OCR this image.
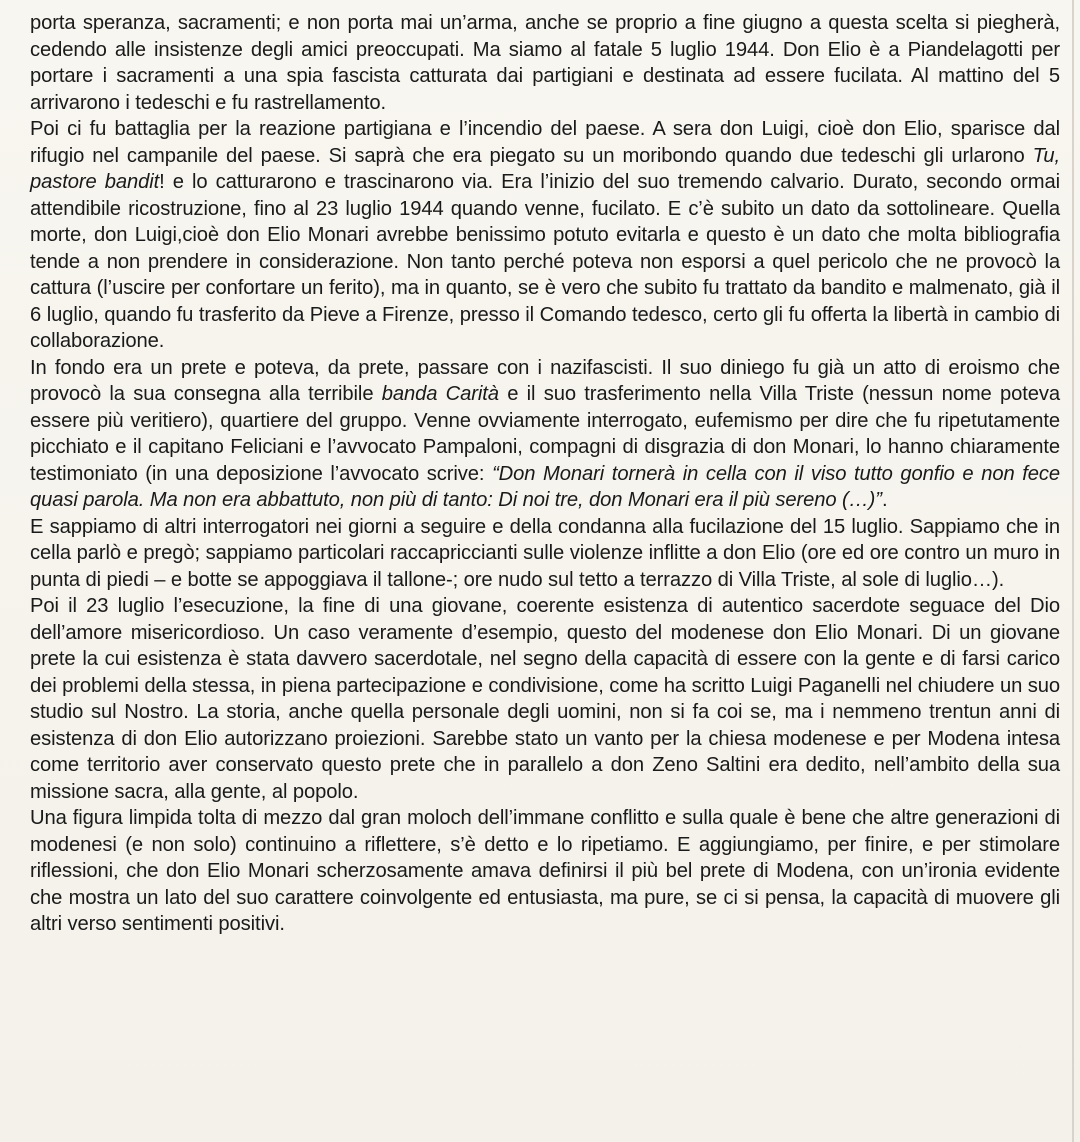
porta speranza, sacramenti; e non porta mai un’arma, anche se proprio a fine giugno a questa scelta si piegherà, cedendo alle insistenze degli amici preoccupati. Ma siamo al fatale 5 luglio 1944. Don Elio è a Piandelagotti per portare i sacramenti a una spia fascista catturata dai partigiani e destinata ad essere fucilata. Al mattino del 5 arrivarono i tedeschi e fu rastrellamento.

Poi ci fu battaglia per la reazione partigiana e l’incendio del paese. A sera don Luigi, cioè don Elio, sparisce dal rifugio nel campanile del paese. Si saprà che era piegato su un moribondo quando due tedeschi gli urlarono Tu, pastore bandit! e lo catturarono e trascinarono via. Era l’inizio del suo tremendo calvario. Durato, secondo ormai attendibile ricostruzione, fino al 23 luglio 1944 quando venne, fucilato. E c’è subito un dato da sottolineare. Quella morte, don Luigi,cioè don Elio Monari avrebbe benissimo potuto evitarla e questo è un dato che molta bibliografia tende a non prendere in considerazione. Non tanto perché poteva non esporsi a quel pericolo che ne provocò la cattura (l’uscire per confortare un ferito), ma in quanto, se è vero che subito fu trattato da bandito e malmenato, già il 6 luglio, quando fu trasferito da Pieve a Firenze, presso il Comando tedesco, certo gli fu offerta la libertà in cambio di collaborazione.

In fondo era un prete e poteva, da prete, passare con i nazifascisti. Il suo diniego fu già un atto di eroismo che provocò la sua consegna alla terribile banda Carità e il suo trasferimento nella Villa Triste (nessun nome poteva essere più veritiero), quartiere del gruppo. Venne ovviamente interrogato, eufemismo per dire che fu ripetutamente picchiato e il capitano Feliciani e l’avvocato Pampaloni, compagni di disgrazia di don Monari, lo hanno chiaramente testimoniato (in una deposizione l’avvocato scrive: “Don Monari tornerà in cella con il viso tutto gonfio e non fece quasi parola. Ma non era abbattuto, non più di tanto: Di noi tre, don Monari era il più sereno (…)”.

E sappiamo di altri interrogatori nei giorni a seguire e della condanna alla fucilazione del 15 luglio. Sappiamo che in cella parlò e pregò; sappiamo particolari raccapriccianti sulle violenze inflitte a don Elio (ore ed ore contro un muro in punta di piedi – e botte se appoggiava il tallone-; ore nudo sul tetto a terrazzo di Villa Triste, al sole di luglio…).

Poi il 23 luglio l’esecuzione, la fine di una giovane, coerente esistenza di autentico sacerdote seguace del Dio dell’amore misericordioso. Un caso veramente d’esempio, questo del modenese don Elio Monari. Di un giovane prete la cui esistenza è stata davvero sacerdotale, nel segno della capacità di essere con la gente e di farsi carico dei problemi della stessa, in piena partecipazione e condivisione, come ha scritto Luigi Paganelli nel chiudere un suo studio sul Nostro. La storia, anche quella personale degli uomini, non si fa coi se, ma i nemmeno trentun anni di esistenza di don Elio autorizzano proiezioni. Sarebbe stato un vanto per la chiesa modenese e per Modena intesa come territorio aver conservato questo prete che in parallelo a don Zeno Saltini era dedito, nell’ambito della sua missione sacra, alla gente, al popolo.

Una figura limpida tolta di mezzo dal gran moloch dell’immane conflitto e sulla quale è bene che altre generazioni di modenesi (e non solo) continuino a riflettere, s’è detto e lo ripetiamo. E aggiungiamo, per finire, e per stimolare riflessioni, che don Elio Monari scherzosamente amava definirsi il più bel prete di Modena, con un’ironia evidente che mostra un lato del suo carattere coinvolgente ed entusiasta, ma pure, se ci si pensa, la capacità di muovere gli altri verso sentimenti positivi.
